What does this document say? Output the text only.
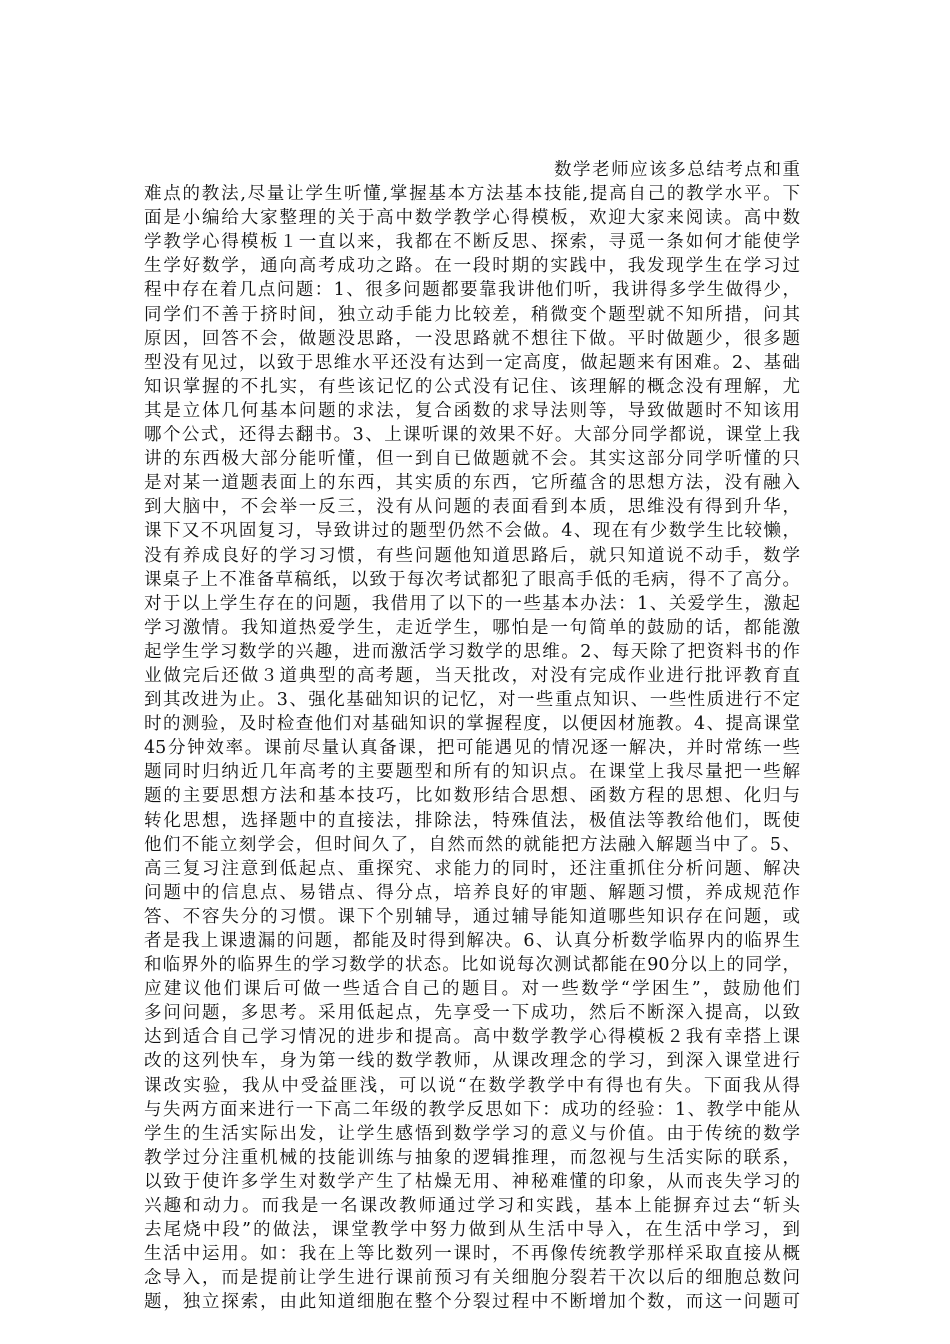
数学老师应该多总结考点和重
难点的教法,尽量让学生听懂,掌握基本方法基本技能,提高自己的教学水平。下
面是小编给大家整理的关于高中数学教学心得模板，欢迎大家来阅读。高中数
学教学心得模板１一直以来，我都在不断反思、探索，寻觅一条如何才能使学
生学好数学，通向高考成功之路。在一段时期的实践中，我发现学生在学习过
程中存在着几点问题：1、很多问题都要靠我讲他们听，我讲得多学生做得少，
同学们不善于挤时间，独立动手能力比较差，稍微变个题型就不知所措，问其
原因，回答不会，做题没思路，一没思路就不想往下做。平时做题少，很多题
型没有见过，以致于思维水平还没有达到一定高度，做起题来有困难。2、基础
知识掌握的不扎实，有些该记忆的公式没有记住、该理解的概念没有理解，尤
其是立体几何基本问题的求法，复合函数的求导法则等，导致做题时不知该用
哪个公式，还得去翻书。3、上课听课的效果不好。大部分同学都说，课堂上我
讲的东西极大部分能听懂，但一到自已做题就不会。其实这部分同学听懂的只
是对某一道题表面上的东西，其实质的东西，它所蕴含的思想方法，没有融入
到大脑中，不会举一反三，没有从问题的表面看到本质，思维没有得到升华，
课下又不巩固复习，导致讲过的题型仍然不会做。4、现在有少数学生比较懒，
没有养成良好的学习习惯，有些问题他知道思路后，就只知道说不动手，数学
课桌子上不准备草稿纸，以致于每次考试都犯了眼高手低的毛病，得不了高分。
对于以上学生存在的问题，我借用了以下的一些基本办法：1、关爱学生，激起
学习激情。我知道热爱学生，走近学生，哪怕是一句简单的鼓励的话，都能激
起学生学习数学的兴趣，进而激活学习数学的思维。2、每天除了把资料书的作
业做完后还做３道典型的高考题，当天批改，对没有完成作业进行批评教育直
到其改进为止。3、强化基础知识的记忆，对一些重点知识、一些性质进行不定
时的测验，及时检查他们对基础知识的掌握程度，以便因材施教。4、提高课堂
45分钟效率。课前尽量认真备课，把可能遇见的情况逐一解决，并时常练一些
题同时归纳近几年高考的主要题型和所有的知识点。在课堂上我尽量把一些解
题的主要思想方法和基本技巧，比如数形结合思想、函数方程的思想、化归与
转化思想，选择题中的直接法，排除法，特殊值法，极值法等教给他们，既使
他们不能立刻学会，但时间久了，自然而然的就能把方法融入解题当中了。5、
高三复习注意到低起点、重探究、求能力的同时，还注重抓住分析问题、解决
问题中的信息点、易错点、得分点，培养良好的审题、解题习惯，养成规范作
答、不容失分的习惯。课下个别辅导，通过辅导能知道哪些知识存在问题，或
者是我上课遗漏的问题，都能及时得到解决。6、认真分析数学临界内的临界生
和临界外的临界生的学习数学的状态。比如说每次测试都能在90分以上的同学，
应建议他们课后可做一些适合自己的题目。对一些数学“学困生”，鼓励他们
多问问题，多思考。采用低起点，先享受一下成功，然后不断深入提高，以致
达到适合自己学习情况的进步和提高。高中数学教学心得模板２我有幸搭上课
改的这列快车，身为第一线的数学教师，从课改理念的学习，到深入课堂进行
课改实验，我从中受益匪浅，可以说“在数学教学中有得也有失。下面我从得
与失两方面来进行一下高二年级的教学反思如下：成功的经验：1、教学中能从
学生的生活实际出发，让学生感悟到数学学习的意义与价值。由于传统的数学
教学过分注重机械的技能训练与抽象的逻辑推理，而忽视与生活实际的联系，
以致于使许多学生对数学产生了枯燥无用、神秘难懂的印象，从而丧失学习的
兴趣和动力。而我是一名课改教师通过学习和实践，基本上能摒弃过去“斩头
去尾烧中段”的做法，课堂教学中努力做到从生活中导入，在生活中学习，到
生活中运用。如：我在上等比数列一课时，不再像传统教学那样采取直接从概
念导入，而是提前让学生进行课前预习有关细胞分裂若干次以后的细胞总数问
题，独立探索，由此知道细胞在整个分裂过程中不断增加个数，而这一问题可
